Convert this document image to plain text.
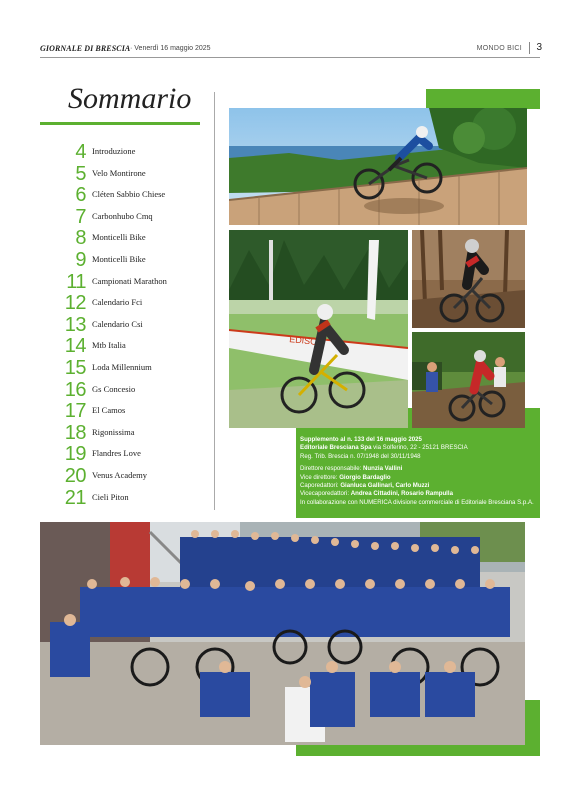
GIORNALE DI BRESCIA · Venerdì 16 maggio 2025	MONDO BICI 3
Sommario
4 Introduzione
5 Velo Montirone
6 Cléten Sabbio Chiese
7 Carbonhubo Cmq
8 Monticelli Bike
9 Monticelli Bike
11 Campionati Marathon
12 Calendario Fci
13 Calendario Csi
14 Mtb Italia
15 Loda Millennium
16 Gs Concesio
17 El Camos
18 Rigonissima
19 Flandres Love
20 Venus Academy
21 Cieli Piton
EDISON
Supplemento al n. 133 del 16 maggio 2025
Editoriale Bresciana Spa via Solferino, 22 - 25121 BRESCIA
Reg. Trib. Brescia n. 07/1948 del 30/11/1948
Direttore responsabile: Nunzia Vallini
Vice direttore: Giorgio Bardaglio
Caporedattori: Gianluca Gallinari, Carlo Muzzi
Vicecaporedattori: Andrea Cittadini, Rosario Rampulla
In collaborazione con NUMERICA divisione commerciale di Editoriale Bresciana S.p.A.
